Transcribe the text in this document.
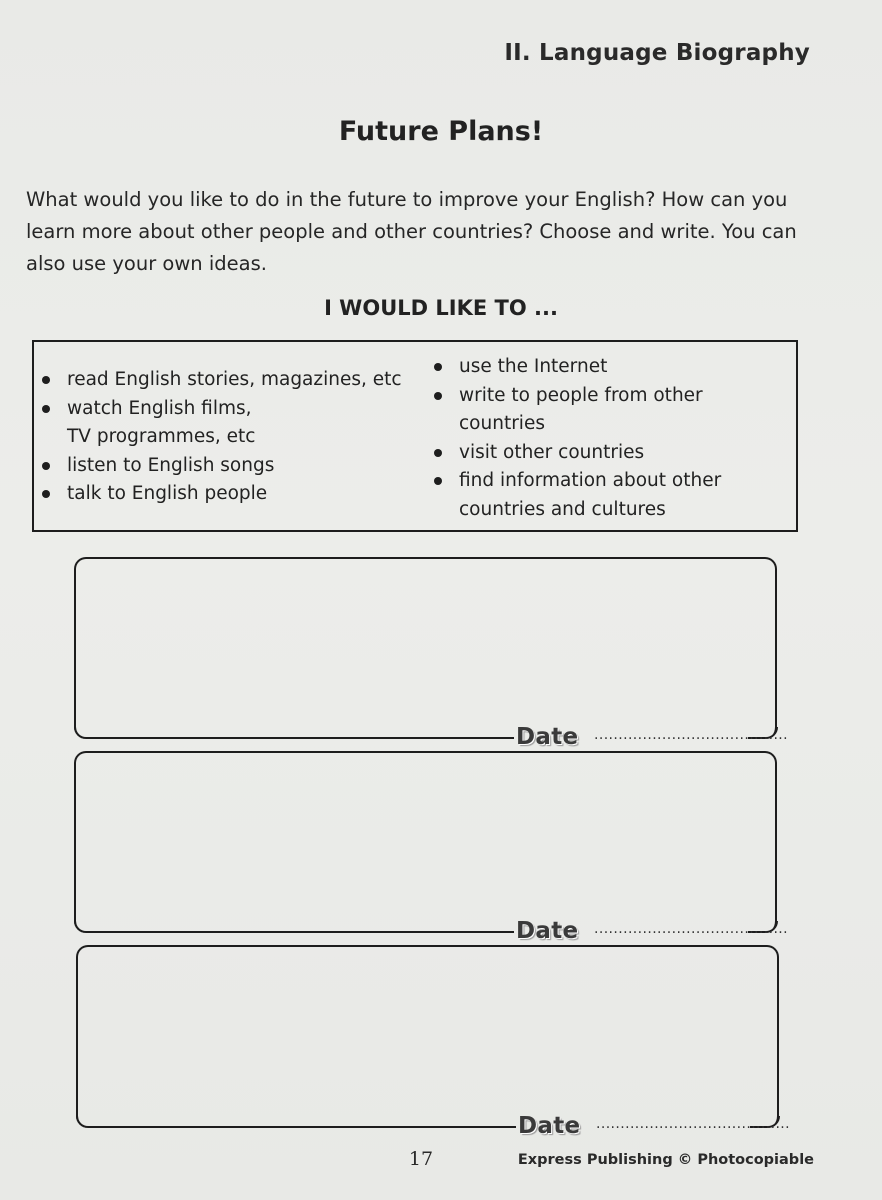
II. Language Biography
Future Plans!
What would you like to do in the future to improve your English? How can you learn more about other people and other countries? Choose and write. You can also use your own ideas.
I WOULD LIKE TO ...
read English stories, magazines, etc
watch English films,
TV programmes, etc
listen to English songs
talk to English people
use the Internet
write to people from other countries
visit other countries
find information about other countries and cultures
Date ........................................
Date ........................................
Date ........................................
17	Express Publishing © Photocopiable
